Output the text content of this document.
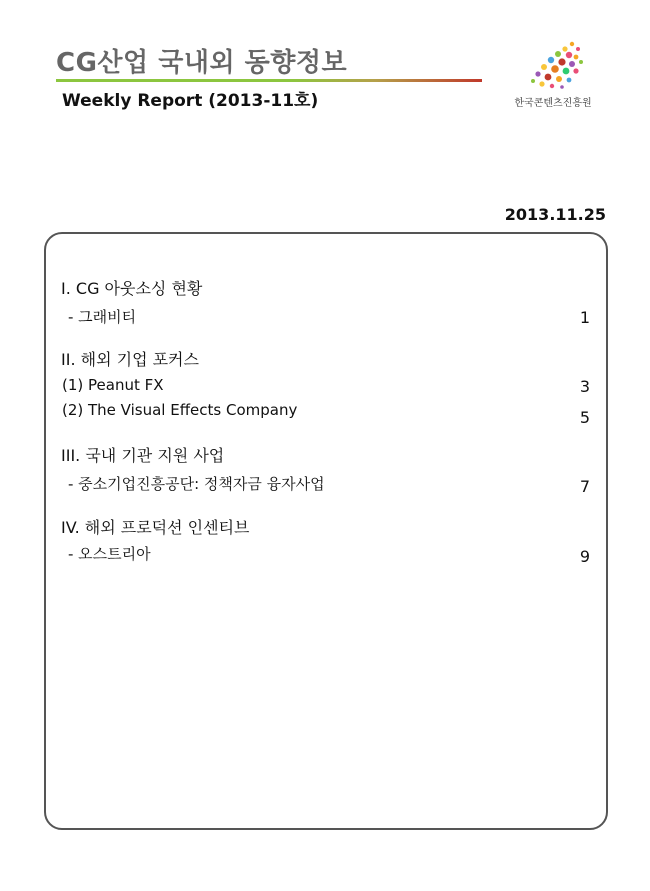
CG산업 국내외 동향정보
Weekly Report (2013-11호)	한국콘텐츠진흥원
2013.11.25
I. CG 아웃소싱 현황
- 그래비티	1
II. 해외 기업 포커스
(1) Peanut FX	3
(2) The Visual Effects Company	5
III. 국내 기관 지원 사업
- 중소기업진흥공단: 정책자금 융자사업	7
IV. 해외 프로덕션 인센티브
- 오스트리아	9
